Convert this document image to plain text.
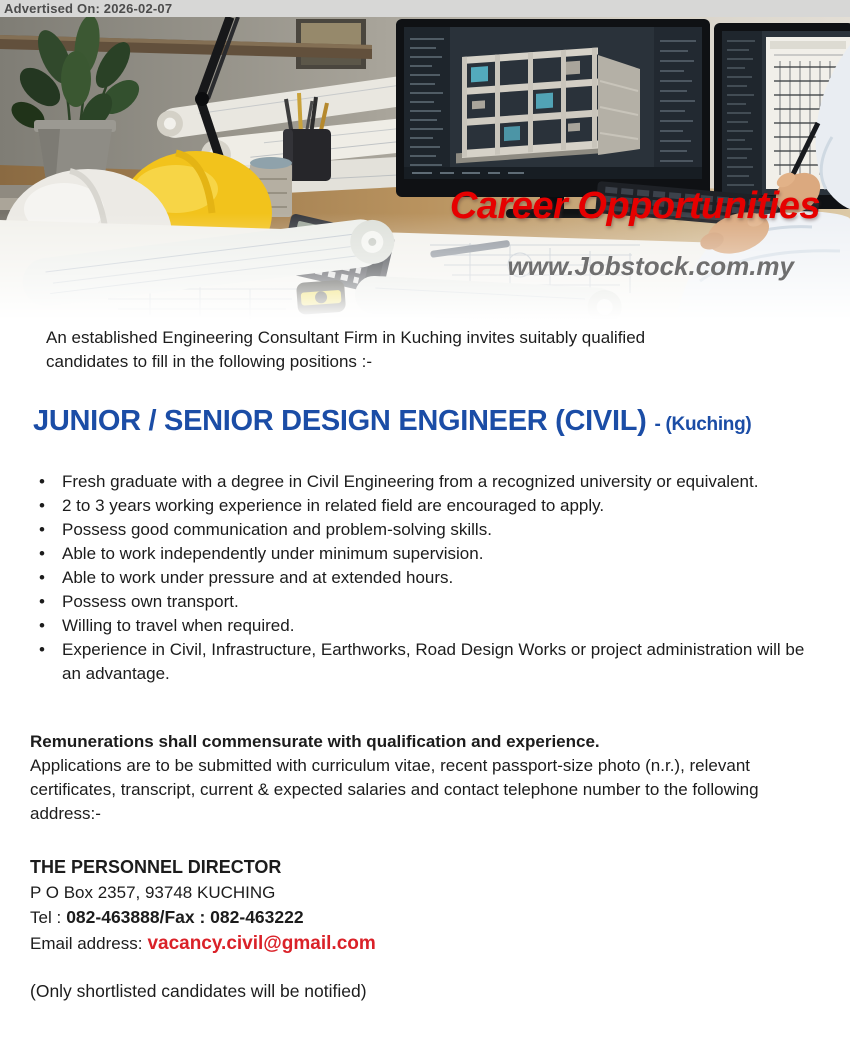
Advertised On: 2026-02-07
Career Opportunities
www.Jobstock.com.my

An established Engineering Consultant Firm in Kuching invites suitably qualified candidates to fill in the following positions :-

JUNIOR / SENIOR DESIGN ENGINEER (CIVIL) - (Kuching)
• Fresh graduate with a degree in Civil Engineering from a recognized university or equivalent.
• 2 to 3 years working experience in related field are encouraged to apply.
• Possess good communication and problem-solving skills.
• Able to work independently under minimum supervision.
• Able to work under pressure and at extended hours.
• Possess own transport.
• Willing to travel when required.
• Experience in Civil, Infrastructure, Earthworks, Road Design Works or project administration will be an advantage.

Remunerations shall commensurate with qualification and experience.

Applications are to be submitted with curriculum vitae, recent passport-size photo (n.r.), relevant certificates, transcript, current & expected salaries and contact telephone number to the following address:-

THE PERSONNEL DIRECTOR

P O Box 2357, 93748 KUCHING

Tel : 082-463888/Fax : 082-463222

Email address: vacancy.civil@gmail.com

(Only shortlisted candidates will be notified)
